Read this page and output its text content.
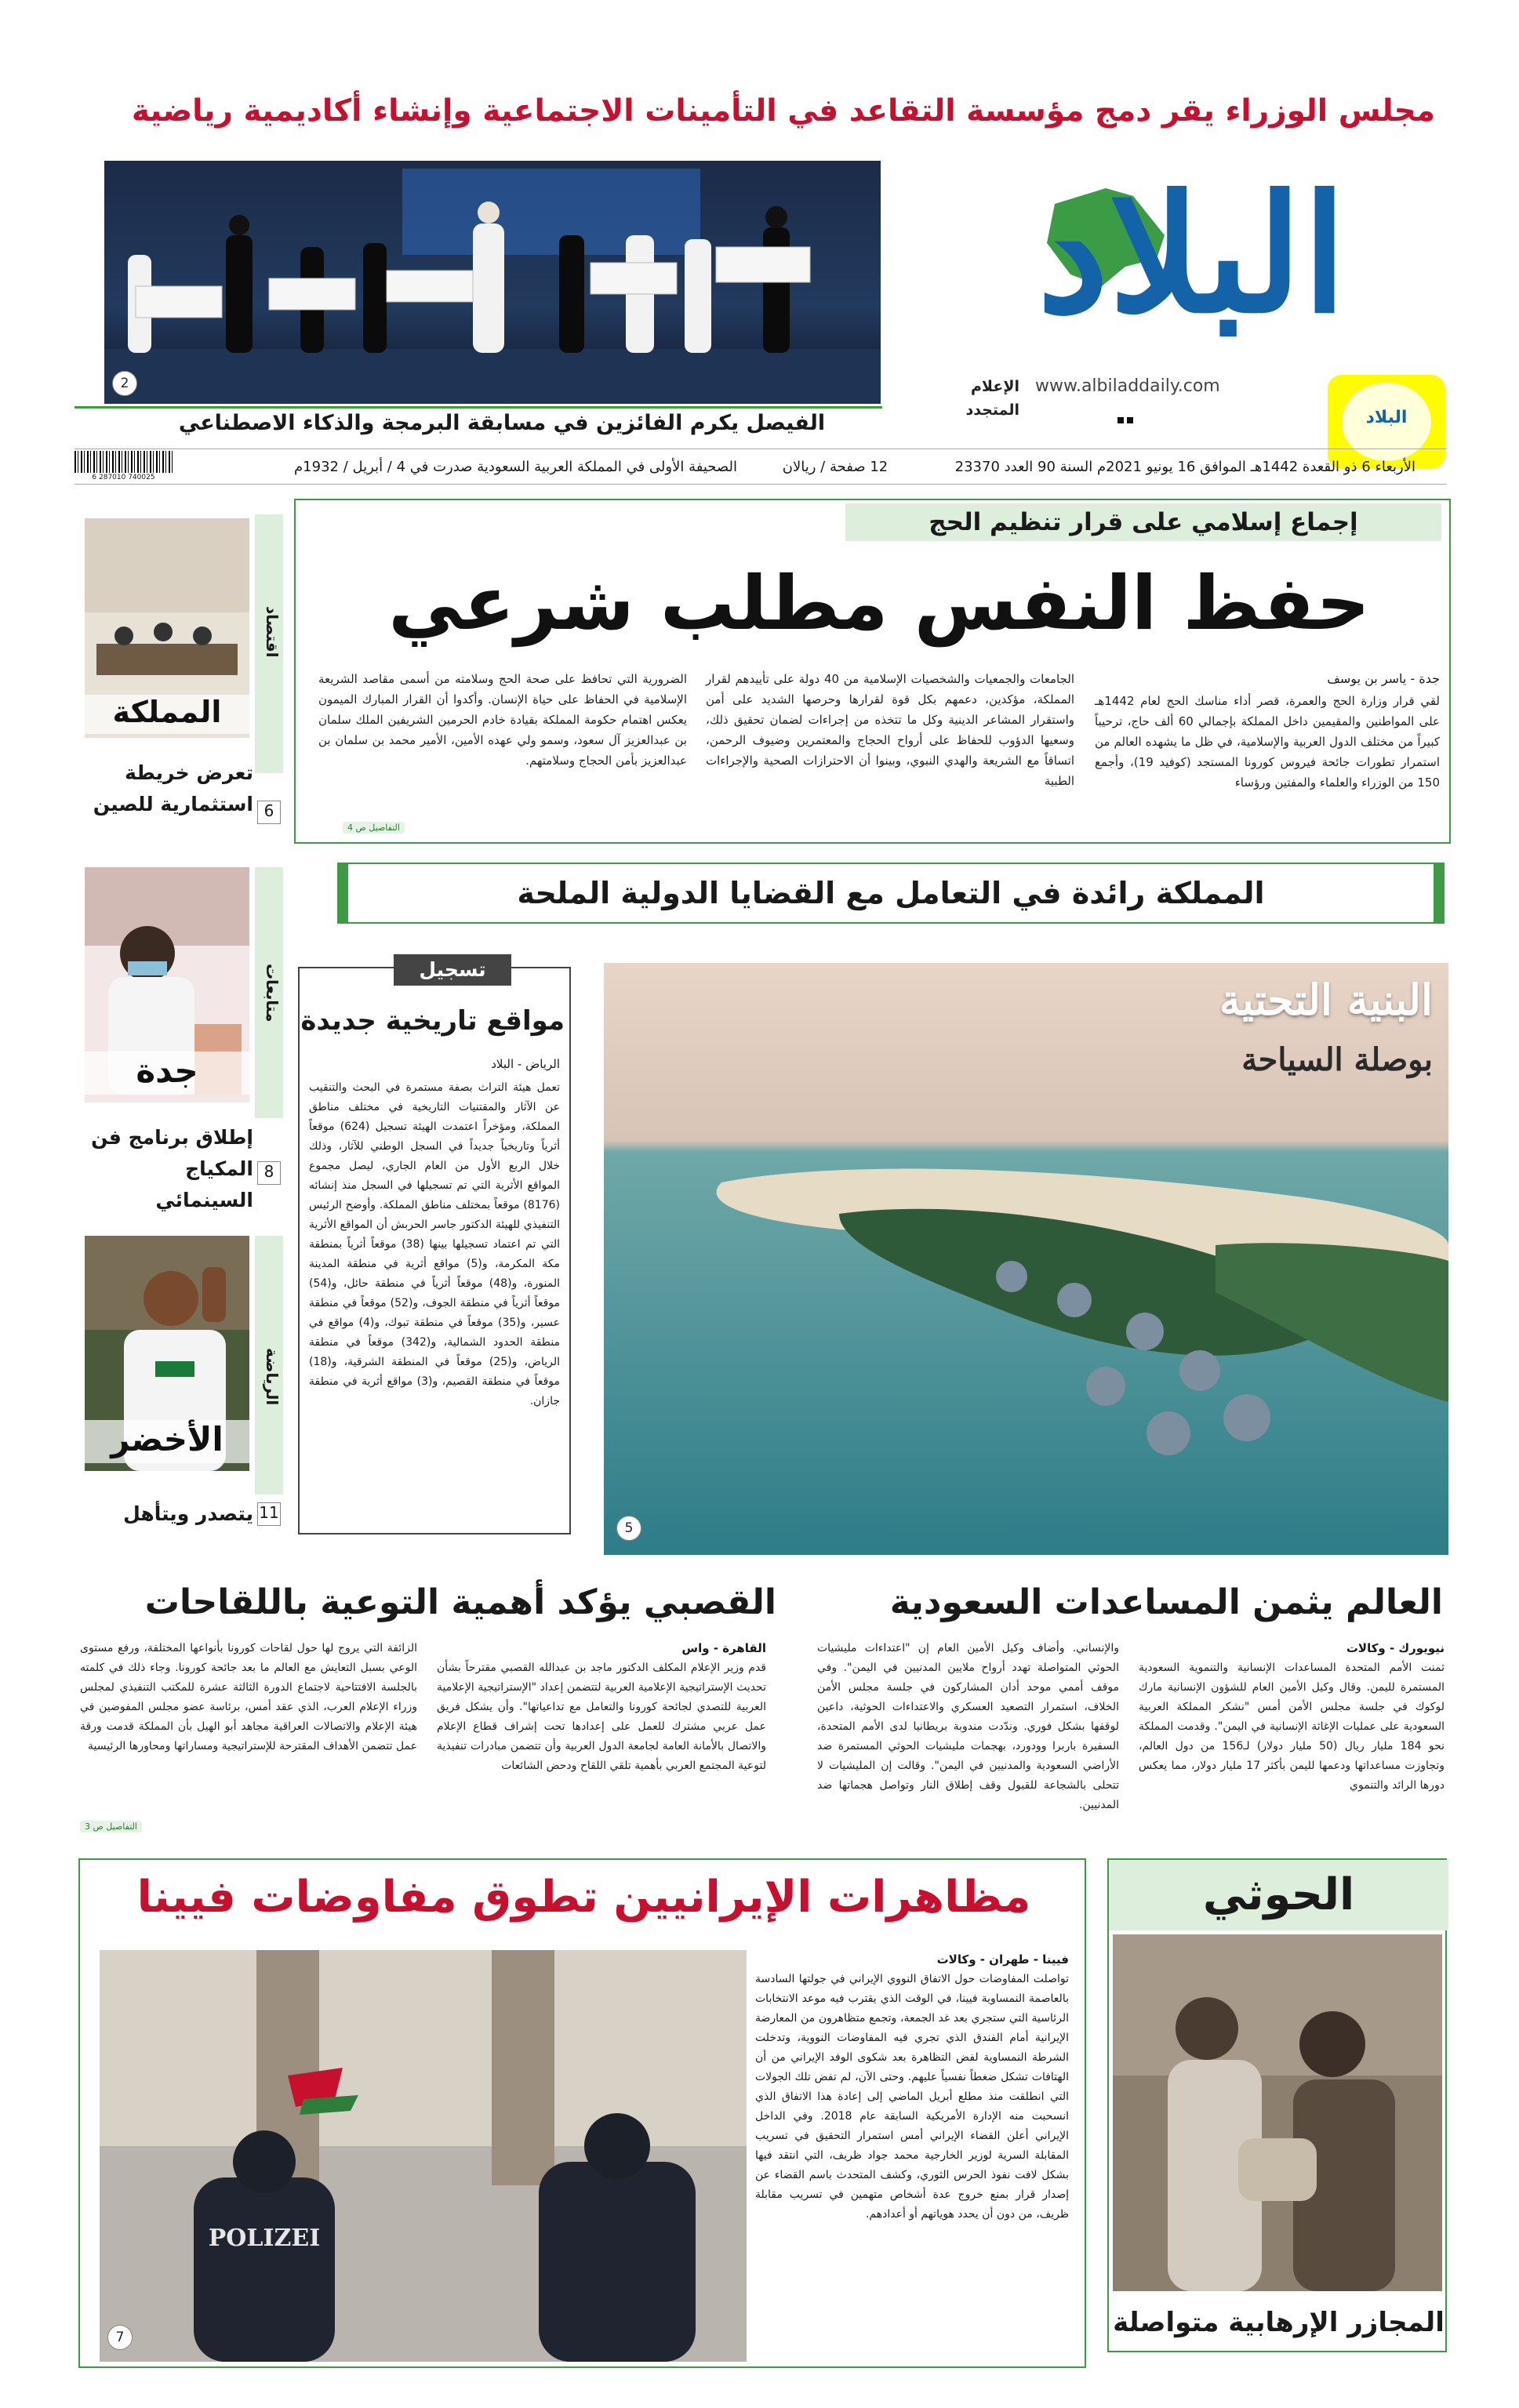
مجلس الوزراء يقر دمج مؤسسة التقاعد في التأمينات الاجتماعية وإنشاء أكاديمية رياضية
2
الفيصل يكرم الفائزين في مسابقة البرمجة والذكاء الاصطناعي
البلاد
الإعلام المتجدد
www.albiladdaily.com
البلاد
الأربعاء 6 ذو القعدة 1442هـ الموافق 16 يونيو 2021م السنة 90 العدد 23370
12 صفحة / ريالان
الصحيفة الأولى في المملكة العربية السعودية صدرت في 4 / أبريل / 1932م
6 287010 740025
إجماع إسلامي على قرار تنظيم الحج
حفظ النفس مطلب شرعي
جدة - ياسر بن يوسف
لقي قرار وزارة الحج والعمرة، قصر أداء مناسك الحج لعام 1442هـ على المواطنين والمقيمين داخل المملكة بإجمالي 60 ألف حاج، ترحيباً كبيراً من مختلف الدول العربية والإسلامية، في ظل ما يشهده العالم من استمرار تطورات جائحة فيروس كورونا المستجد (كوفيد 19)، وأجمع 150 من الوزراء والعلماء والمفتين ورؤساء
الجامعات والجمعيات والشخصيات الإسلامية من 40 دولة على تأييدهم لقرار المملكة، مؤكدين، دعمهم بكل قوة لقرارها وحرصها الشديد على أمن واستقرار المشاعر الدينية وكل ما تتخذه من إجراءات لضمان تحقيق ذلك، وسعيها الدؤوب للحفاظ على أرواح الحجاج والمعتمرين وضيوف الرحمن، اتساقاً مع الشريعة والهدي النبوي، وبينوا أن الاحترازات الصحية والإجراءات الطبية
الضرورية التي تحافظ على صحة الحج وسلامته من أسمى مقاصد الشريعة الإسلامية في الحفاظ على حياة الإنسان. وأكدوا أن القرار المبارك الميمون يعكس اهتمام حكومة المملكة بقيادة خادم الحرمين الشريفين الملك سلمان بن عبدالعزيز آل سعود، وسمو ولي عهده الأمين، الأمير محمد بن سلمان بن عبدالعزيز بأمن الحجاج وسلامتهم.
التفاصيل ص 4
اقتصاد
المملكة
تعرض خريطة استثمارية للصين 6
متابعات
جدة
إطلاق برنامج فن المكياج السينمائي
8
الرياضة
الأخضر
يتصدر ويتأهل 11
المملكة رائدة في التعامل مع القضايا الدولية الملحة
تسجيل
مواقع تاريخية جديدة
الرياض - البلاد
تعمل هيئة التراث بصفة مستمرة في البحث والتنقيب عن الآثار والمقتنيات التاريخية في مختلف مناطق المملكة، ومؤخراً اعتمدت الهيئة تسجيل (624) موقعاً أثرياً وتاريخياً جديداً في السجل الوطني للآثار، وذلك خلال الربع الأول من العام الجاري، ليصل مجموع المواقع الأثرية التي تم تسجيلها في السجل منذ إنشائه (8176) موقعاً بمختلف مناطق المملكة. وأوضح الرئيس التنفيذي للهيئة الدكتور جاسر الحربش أن المواقع الأثرية التي تم اعتماد تسجيلها بينها (38) موقعاً أثرياً بمنطقة مكة المكرمة، و(5) مواقع أثرية في منطقة المدينة المنورة، و(48) موقعاً أثرياً في منطقة حائل، و(54) موقعاً أثرياً في منطقة الجوف، و(52) موقعاً في منطقة عسير، و(35) موقعاً في منطقة تبوك، و(4) مواقع في منطقة الحدود الشمالية، و(342) موقعاً في منطقة الرياض، و(25) موقعاً في المنطقة الشرقية، و(18) موقعاً في منطقة القصيم، و(3) مواقع أثرية في منطقة جازان.
البنية التحتية
بوصلة السياحة
5
العالم يثمن المساعدات السعودية
نيويورك - وكالات
ثمنت الأمم المتحدة المساعدات الإنسانية والتنموية السعودية المستمرة لليمن. وقال وكيل الأمين العام للشؤون الإنسانية مارك لوكوك في جلسة مجلس الأمن أمس "نشكر المملكة العربية السعودية على عمليات الإغاثة الإنسانية في اليمن". وقدمت المملكة نحو 184 مليار ريال (50 مليار دولار) لـ156 من دول العالم، وتجاوزت مساعداتها ودعمها لليمن بأكثر 17 مليار دولار، مما يعكس دورها الرائد والتنموي
والإنساني. وأضاف وكيل الأمين العام إن "اعتداءات مليشيات الحوثي المتواصلة تهدد أرواح ملايين المدنيين في اليمن". وفي موقف أممي موحد أدان المشاركون في جلسة مجلس الأمن الخلاف، استمرار التصعيد العسكري والاعتداءات الحوثية، داعين لوقفها بشكل فوري. وندّدت مندوبة بريطانيا لدى الأمم المتحدة، السفيرة باربرا وودورد، بهجمات مليشيات الحوثي المستمرة ضد الأراضي السعودية والمدنيين في اليمن". وقالت إن المليشيات لا تتحلى بالشجاعة للقبول وقف إطلاق النار وتواصل هجماتها ضد المدنيين.
القصبي يؤكد أهمية التوعية باللقاحات
القاهرة - واس
قدم وزير الإعلام المكلف الدكتور ماجد بن عبدالله القصبي مقترحاً بشأن تحديث الإستراتيجية الإعلامية العربية لتتضمن إعداد "الإستراتيجية الإعلامية العربية للتصدي لجائحة كورونا والتعامل مع تداعياتها". وأن يشكل فريق عمل عربي مشترك للعمل على إعدادها تحت إشراف قطاع الإعلام والاتصال بالأمانة العامة لجامعة الدول العربية وأن تتضمن مبادرات تنفيذية لتوعية المجتمع العربي بأهمية تلقي اللقاح ودحض الشائعات
الزائفة التي يروج لها حول لقاحات كورونا بأنواعها المختلفة، ورفع مستوى الوعي بسبل التعايش مع العالم ما بعد جائحة كورونا. وجاء ذلك في كلمته بالجلسة الافتتاحية لاجتماع الدورة الثالثة عشرة للمكتب التنفيذي لمجلس وزراء الإعلام العرب، الذي عقد أمس، برئاسة عضو مجلس المفوضين في هيئة الإعلام والاتصالات العراقية مجاهد أبو الهيل بأن المملكة قدمت ورقة عمل تتضمن الأهداف المقترحة للإستراتيجية ومساراتها ومحاورها الرئيسية
التفاصيل ص 3
مظاهرات الإيرانيين تطوق مفاوضات فيينا
POLIZEI
7
فيينا - طهران - وكالات
تواصلت المفاوضات حول الاتفاق النووي الإيراني في جولتها السادسة بالعاصمة النمساوية فيينا، في الوقت الذي يقترب فيه موعد الانتخابات الرئاسية التي ستجري بعد غد الجمعة، وتجمع متظاهرون من المعارضة الإيرانية أمام الفندق الذي تجري فيه المفاوضات النووية، وتدخلت الشرطة النمساوية لفض التظاهرة بعد شكوى الوفد الإيراني من أن الهتافات تشكل ضغطاً نفسياً عليهم. وحتى الآن، لم تفض تلك الجولات التي انطلقت منذ مطلع أبريل الماضي إلى إعادة هذا الاتفاق الذي انسحبت منه الإدارة الأمريكية السابقة عام 2018. وفي الداخل الإيراني أعلن القضاء الإيراني أمس استمرار التحقيق في تسريب المقابلة السرية لوزير الخارجية محمد جواد ظريف، التي انتقد فيها بشكل لافت نفوذ الحرس الثوري، وكشف المتحدث باسم القضاء عن إصدار قرار بمنع خروج عدة أشخاص متهمين في تسريب مقابلة ظريف، من دون أن يحدد هوياتهم أو أعدادهم.
الحوثي
المجازر الإرهابية متواصلة
